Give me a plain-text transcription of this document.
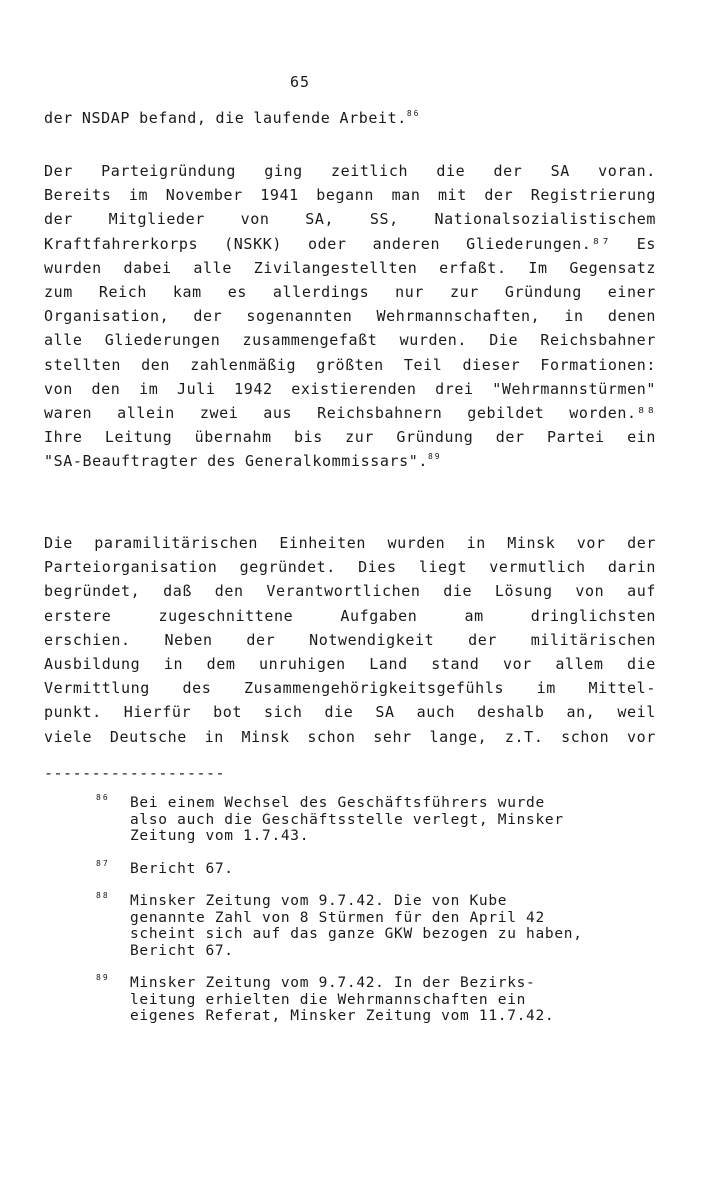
65
der NSDAP befand, die laufende Arbeit.$^{86}$
Der Parteigründung ging zeitlich die der SA voran.
Bereits im November 1941 begann man mit der Registrierung
der Mitglieder von SA, SS, Nationalsozialistischem
Kraftfahrerkorps (NSKK) oder anderen Gliederungen.⁸⁷ Es
wurden dabei alle Zivilangestellten erfaßt. Im Gegensatz
zum Reich kam es allerdings nur zur Gründung einer
Organisation, der sogenannten Wehrmannschaften, in denen
alle Gliederungen zusammengefaßt wurden. Die Reichsbahner
stellten den zahlenmäßig größten Teil dieser Formationen:
von den im Juli 1942 existierenden drei "Wehrmannstürmen"
waren allein zwei aus Reichsbahnern gebildet worden.⁸⁸
Ihre Leitung übernahm bis zur Gründung der Partei ein
"SA-Beauftragter des Generalkommissars".$^{89}$
Die paramilitärischen Einheiten wurden in Minsk vor der
Parteiorganisation gegründet. Dies liegt vermutlich darin
begründet, daß den Verantwortlichen die Lösung von auf
erstere	zugeschnittene	Aufgaben	am	dringlichsten
erschien. Neben der Notwendigkeit der militärischen
Ausbildung in dem unruhigen Land stand vor allem die
Vermittlung des Zusammengehörigkeitsgefühls im Mittel-
punkt. Hierfür bot sich die SA auch deshalb an, weil
viele Deutsche in Minsk schon sehr lange, z.T. schon vor
-------------------
86 Bei einem Wechsel des Geschäftsführers wurde
also auch die Geschäftsstelle verlegt, Minsker
Zeitung vom 1.7.43.
87 Bericht 67.
88 Minsker Zeitung vom 9.7.42. Die von Kube
genannte Zahl von 8 Stürmen für den April 42
scheint sich auf das ganze GKW bezogen zu haben,
Bericht 67.
89 Minsker Zeitung vom 9.7.42. In der Bezirks-
leitung erhielten die Wehrmannschaften ein
eigenes Referat, Minsker Zeitung vom 11.7.42.
